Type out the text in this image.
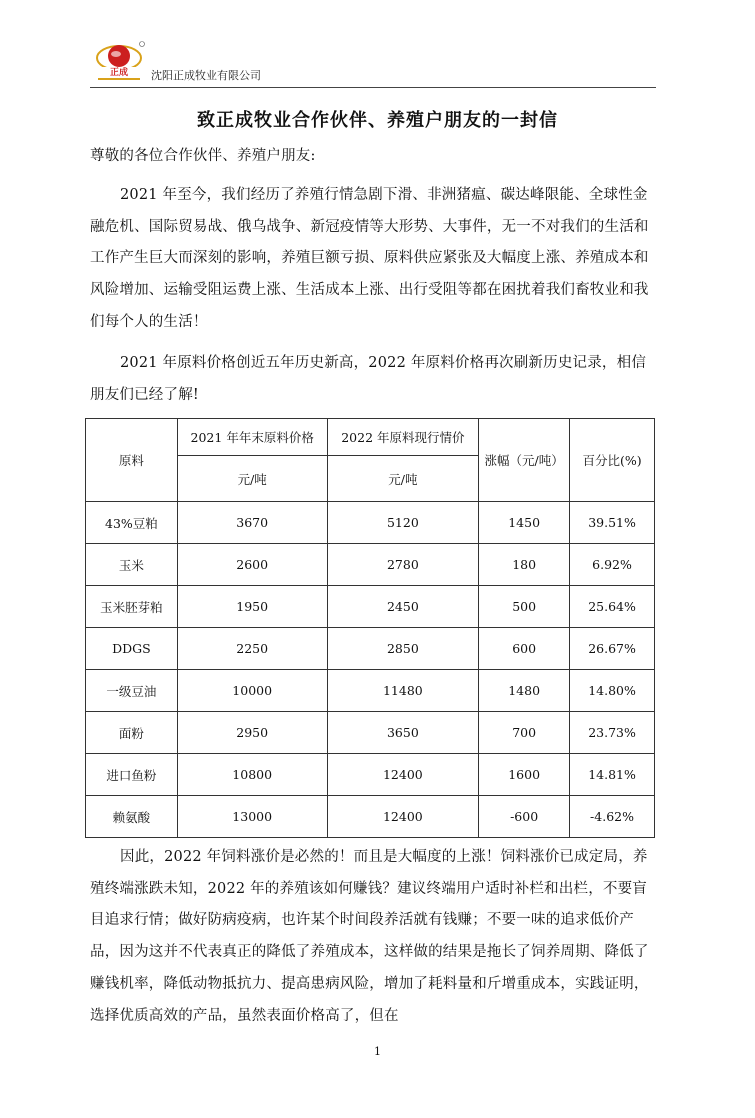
正成 沈阳正成牧业有限公司
致正成牧业合作伙伴、养殖户朋友的一封信
尊敬的各位合作伙伴、养殖户朋友:
2021 年至今，我们经历了养殖行情急剧下滑、非洲猪瘟、碳达峰限能、全球性金融危机、国际贸易战、俄乌战争、新冠疫情等大形势、大事件，无一不对我们的生活和工作产生巨大而深刻的影响，养殖巨额亏损、原料供应紧张及大幅度上涨、养殖成本和风险增加、运输受阻运费上涨、生活成本上涨、出行受阻等都在困扰着我们畜牧业和我们每个人的生活！
2021 年原料价格创近五年历史新高，2022 年原料价格再次刷新历史记录，相信朋友们已经了解!
原料	2021 年年末原料价格	2022 年原料现行情价	涨幅（元/吨）	百分比(%)
	元/吨	元/吨		
43%豆粕	3670	5120	1450	39.51%
玉米	2600	2780	180	6.92%
玉米胚芽粕	1950	2450	500	25.64%
DDGS	2250	2850	600	26.67%
一级豆油	10000	11480	1480	14.80%
面粉	2950	3650	700	23.73%
进口鱼粉	10800	12400	1600	14.81%
赖氨酸	13000	12400	-600	-4.62%
因此，2022 年饲料涨价是必然的！而且是大幅度的上涨！饲料涨价已成定局，养殖终端涨跌未知，2022 年的养殖该如何赚钱？建议终端用户适时补栏和出栏，不要盲目追求行情；做好防病疫病，也许某个时间段养活就有钱赚；不要一味的追求低价产品，因为这并不代表真正的降低了养殖成本，这样做的结果是拖长了饲养周期、降低了赚钱机率，降低动物抵抗力、提高患病风险，增加了耗料量和斤增重成本，实践证明，选择优质高效的产品，虽然表面价格高了，但在
1
